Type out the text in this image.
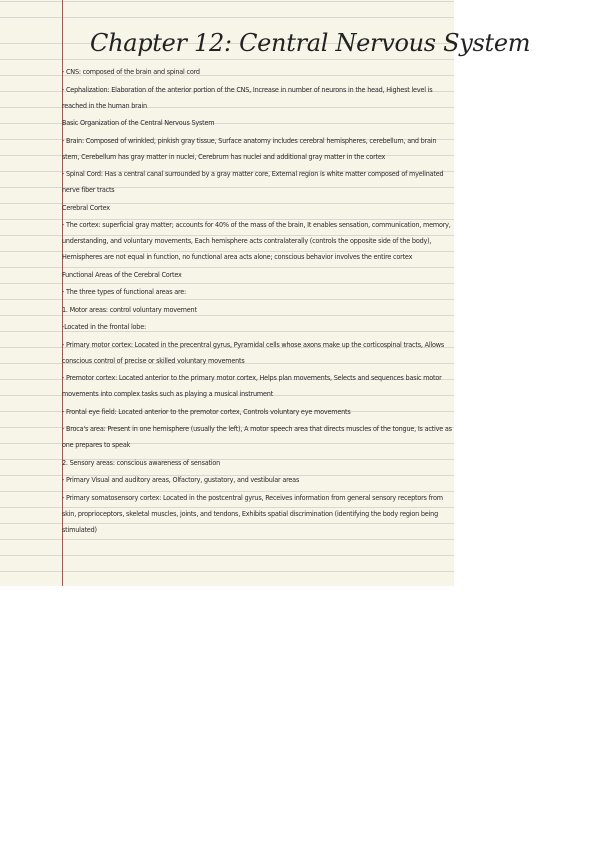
Chapter 12: Central Nervous System

- CNS: composed of the brain and spinal cord

- Cephalization: Elaboration of the anterior portion of the CNS, Increase in number of neurons in the head, Highest level is reached in the human brain

Basic Organization of the Central Nervous System

- Brain: Composed of wrinkled, pinkish gray tissue, Surface anatomy includes cerebral hemispheres, cerebellum, and brain stem, Cerebellum has gray matter in nuclei, Cerebrum has nuclei and additional gray matter in the cortex

- Spinal Cord: Has a central canal surrounded by a gray matter core, External region is white matter composed of myelinated nerve fiber tracts

Cerebral Cortex

- The cortex: superficial gray matter; accounts for 40% of the mass of the brain, It enables sensation, communication, memory, understanding, and voluntary movements, Each hemisphere acts contralaterally (controls the opposite side of the body), Hemispheres are not equal in function, no functional area acts alone; conscious behavior involves the entire cortex

Functional Areas of the Cerebral Cortex

- The three types of functional areas are:

1. Motor areas: control voluntary movement

-Located in the frontal lobe:

- Primary motor cortex: Located in the precentral gyrus, Pyramidal cells whose axons make up the corticospinal tracts, Allows conscious control of precise or skilled voluntary movements

- Premotor cortex: Located anterior to the primary motor cortex, Helps plan movements, Selects and sequences basic motor movements into complex tasks such as playing a musical instrument

- Frontal eye field: Located anterior to the premotor cortex, Controls voluntary eye movements

- Broca's area: Present in one hemisphere (usually the left), A motor speech area that directs muscles of the tongue, Is active as one prepares to speak

2. Sensory areas: conscious awareness of sensation

- Primary Visual and auditory areas, Olfactory, gustatory, and vestibular areas

- Primary somatosensory cortex: Located in the postcentral gyrus, Receives information from general sensory receptors from skin, proprioceptors, skeletal muscles, joints, and tendons, Exhibits spatial discrimination (identifying the body region being stimulated)
